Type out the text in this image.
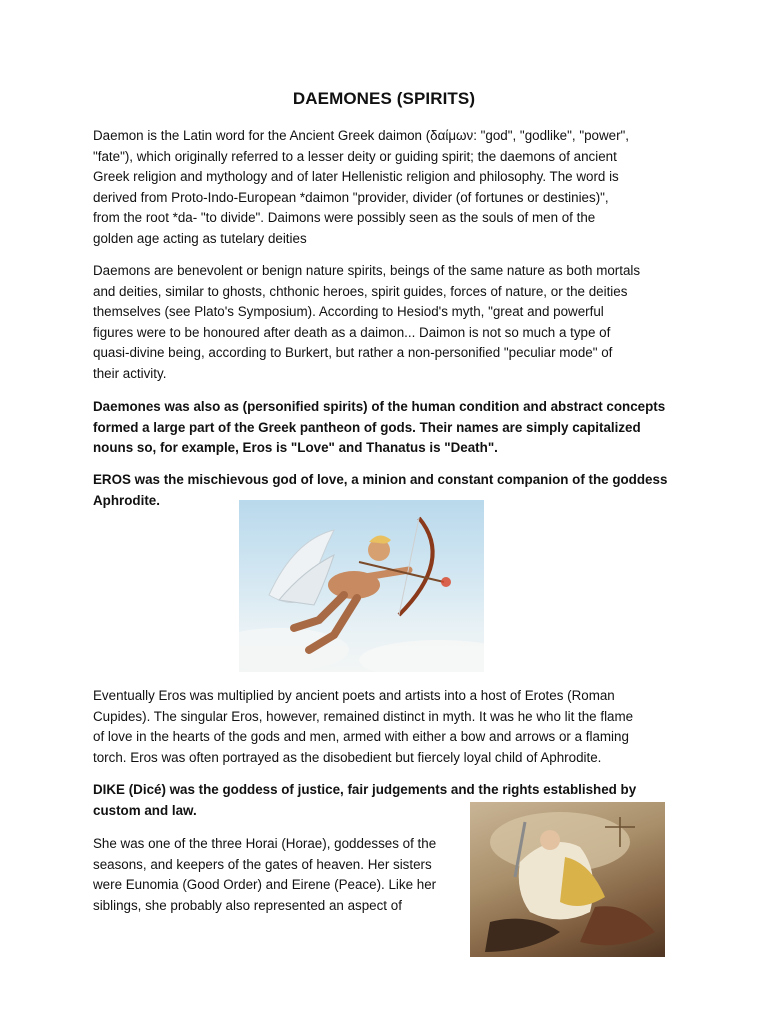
DAEMONES (SPIRITS)
Daemon is the Latin word for the Ancient Greek daimon (δαίμων: "god", "godlike", "power",
"fate"), which originally referred to a lesser deity or guiding spirit; the daemons of ancient
Greek religion and mythology and of later Hellenistic religion and philosophy. The word is
derived from Proto-Indo-European *daimon "provider, divider (of fortunes or destinies)",
from the root *da- "to divide". Daimons were possibly seen as the souls of men of the
golden age acting as tutelary deities
Daemons are benevolent or benign nature spirits, beings of the same nature as both mortals
and deities, similar to ghosts, chthonic heroes, spirit guides, forces of nature, or the deities
themselves (see Plato's Symposium). According to Hesiod's myth, "great and powerful
figures were to be honoured after death as a daimon... Daimon is not so much a type of
quasi-divine being, according to Burkert, but rather a non-personified "peculiar mode" of
their activity.
Daemones was also as (personified spirits) of the human condition and abstract concepts
formed a large part of the Greek pantheon of gods. Their names are simply capitalized
nouns so, for example, Eros is "Love" and Thanatus is "Death".
EROS was the mischievous god of love, a minion and constant companion of the goddess
Aphrodite.
Eventually Eros was multiplied by ancient poets and artists into a host of Erotes (Roman
Cupides). The singular Eros, however, remained distinct in myth. It was he who lit the flame
of love in the hearts of the gods and men, armed with either a bow and arrows or a flaming
torch. Eros was often portrayed as the disobedient but fiercely loyal child of Aphrodite.
DIKE (Dicé) was the goddess of justice, fair judgements and the rights established by
custom and law.
She was one of the three Horai (Horae), goddesses of the
seasons, and keepers of the gates of heaven. Her sisters
were Eunomia (Good Order) and Eirene (Peace). Like her
siblings, she probably also represented an aspect of
